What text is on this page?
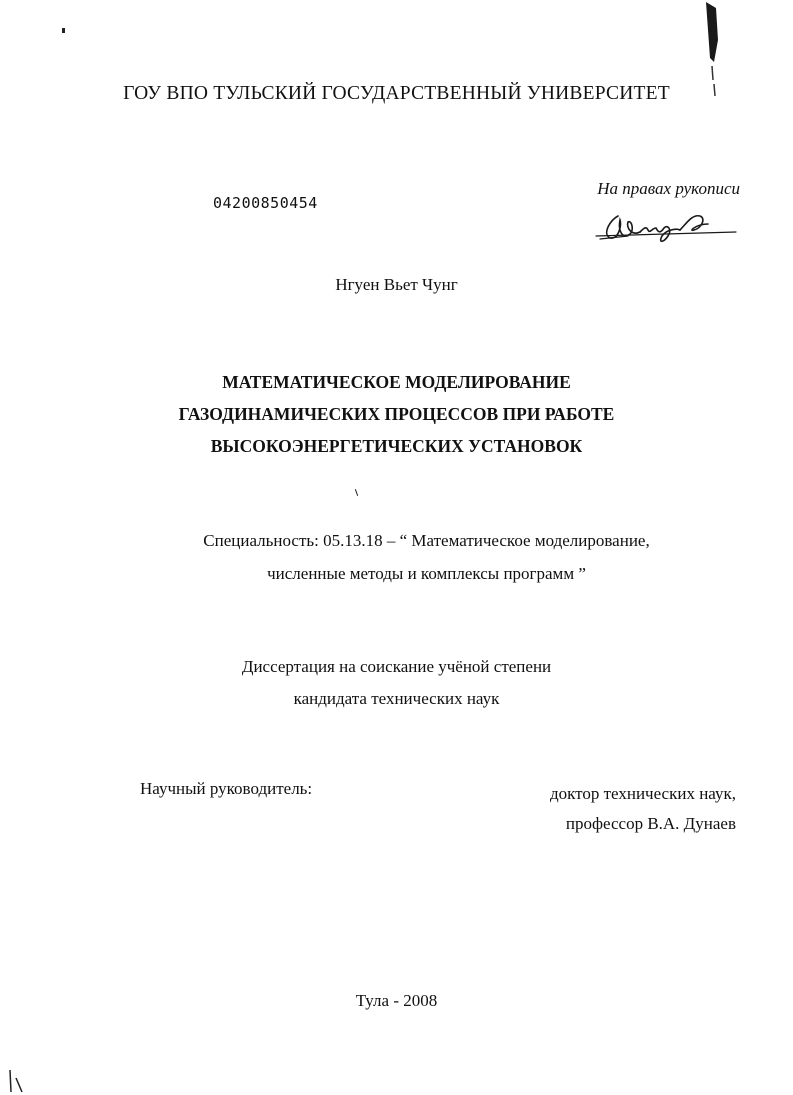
ГОУ ВПО ТУЛЬСКИЙ ГОСУДАРСТВЕННЫЙ УНИВЕРСИТЕТ
04200850454
На правах рукописи
Нгуен Вьет Чунг
МАТЕМАТИЧЕСКОЕ МОДЕЛИРОВАНИЕ
ГАЗОДИНАМИЧЕСКИХ ПРОЦЕССОВ ПРИ РАБОТЕ
ВЫСОКОЭНЕРГЕТИЧЕСКИХ УСТАНОВОК
Специальность: 05.13.18 – “ Математическое моделирование,
численные методы и комплексы программ ”
Диссертация на соискание учёной степени
кандидата технических наук
Научный руководитель:	доктор технических наук,
профессор В.А. Дунаев
Тула - 2008
